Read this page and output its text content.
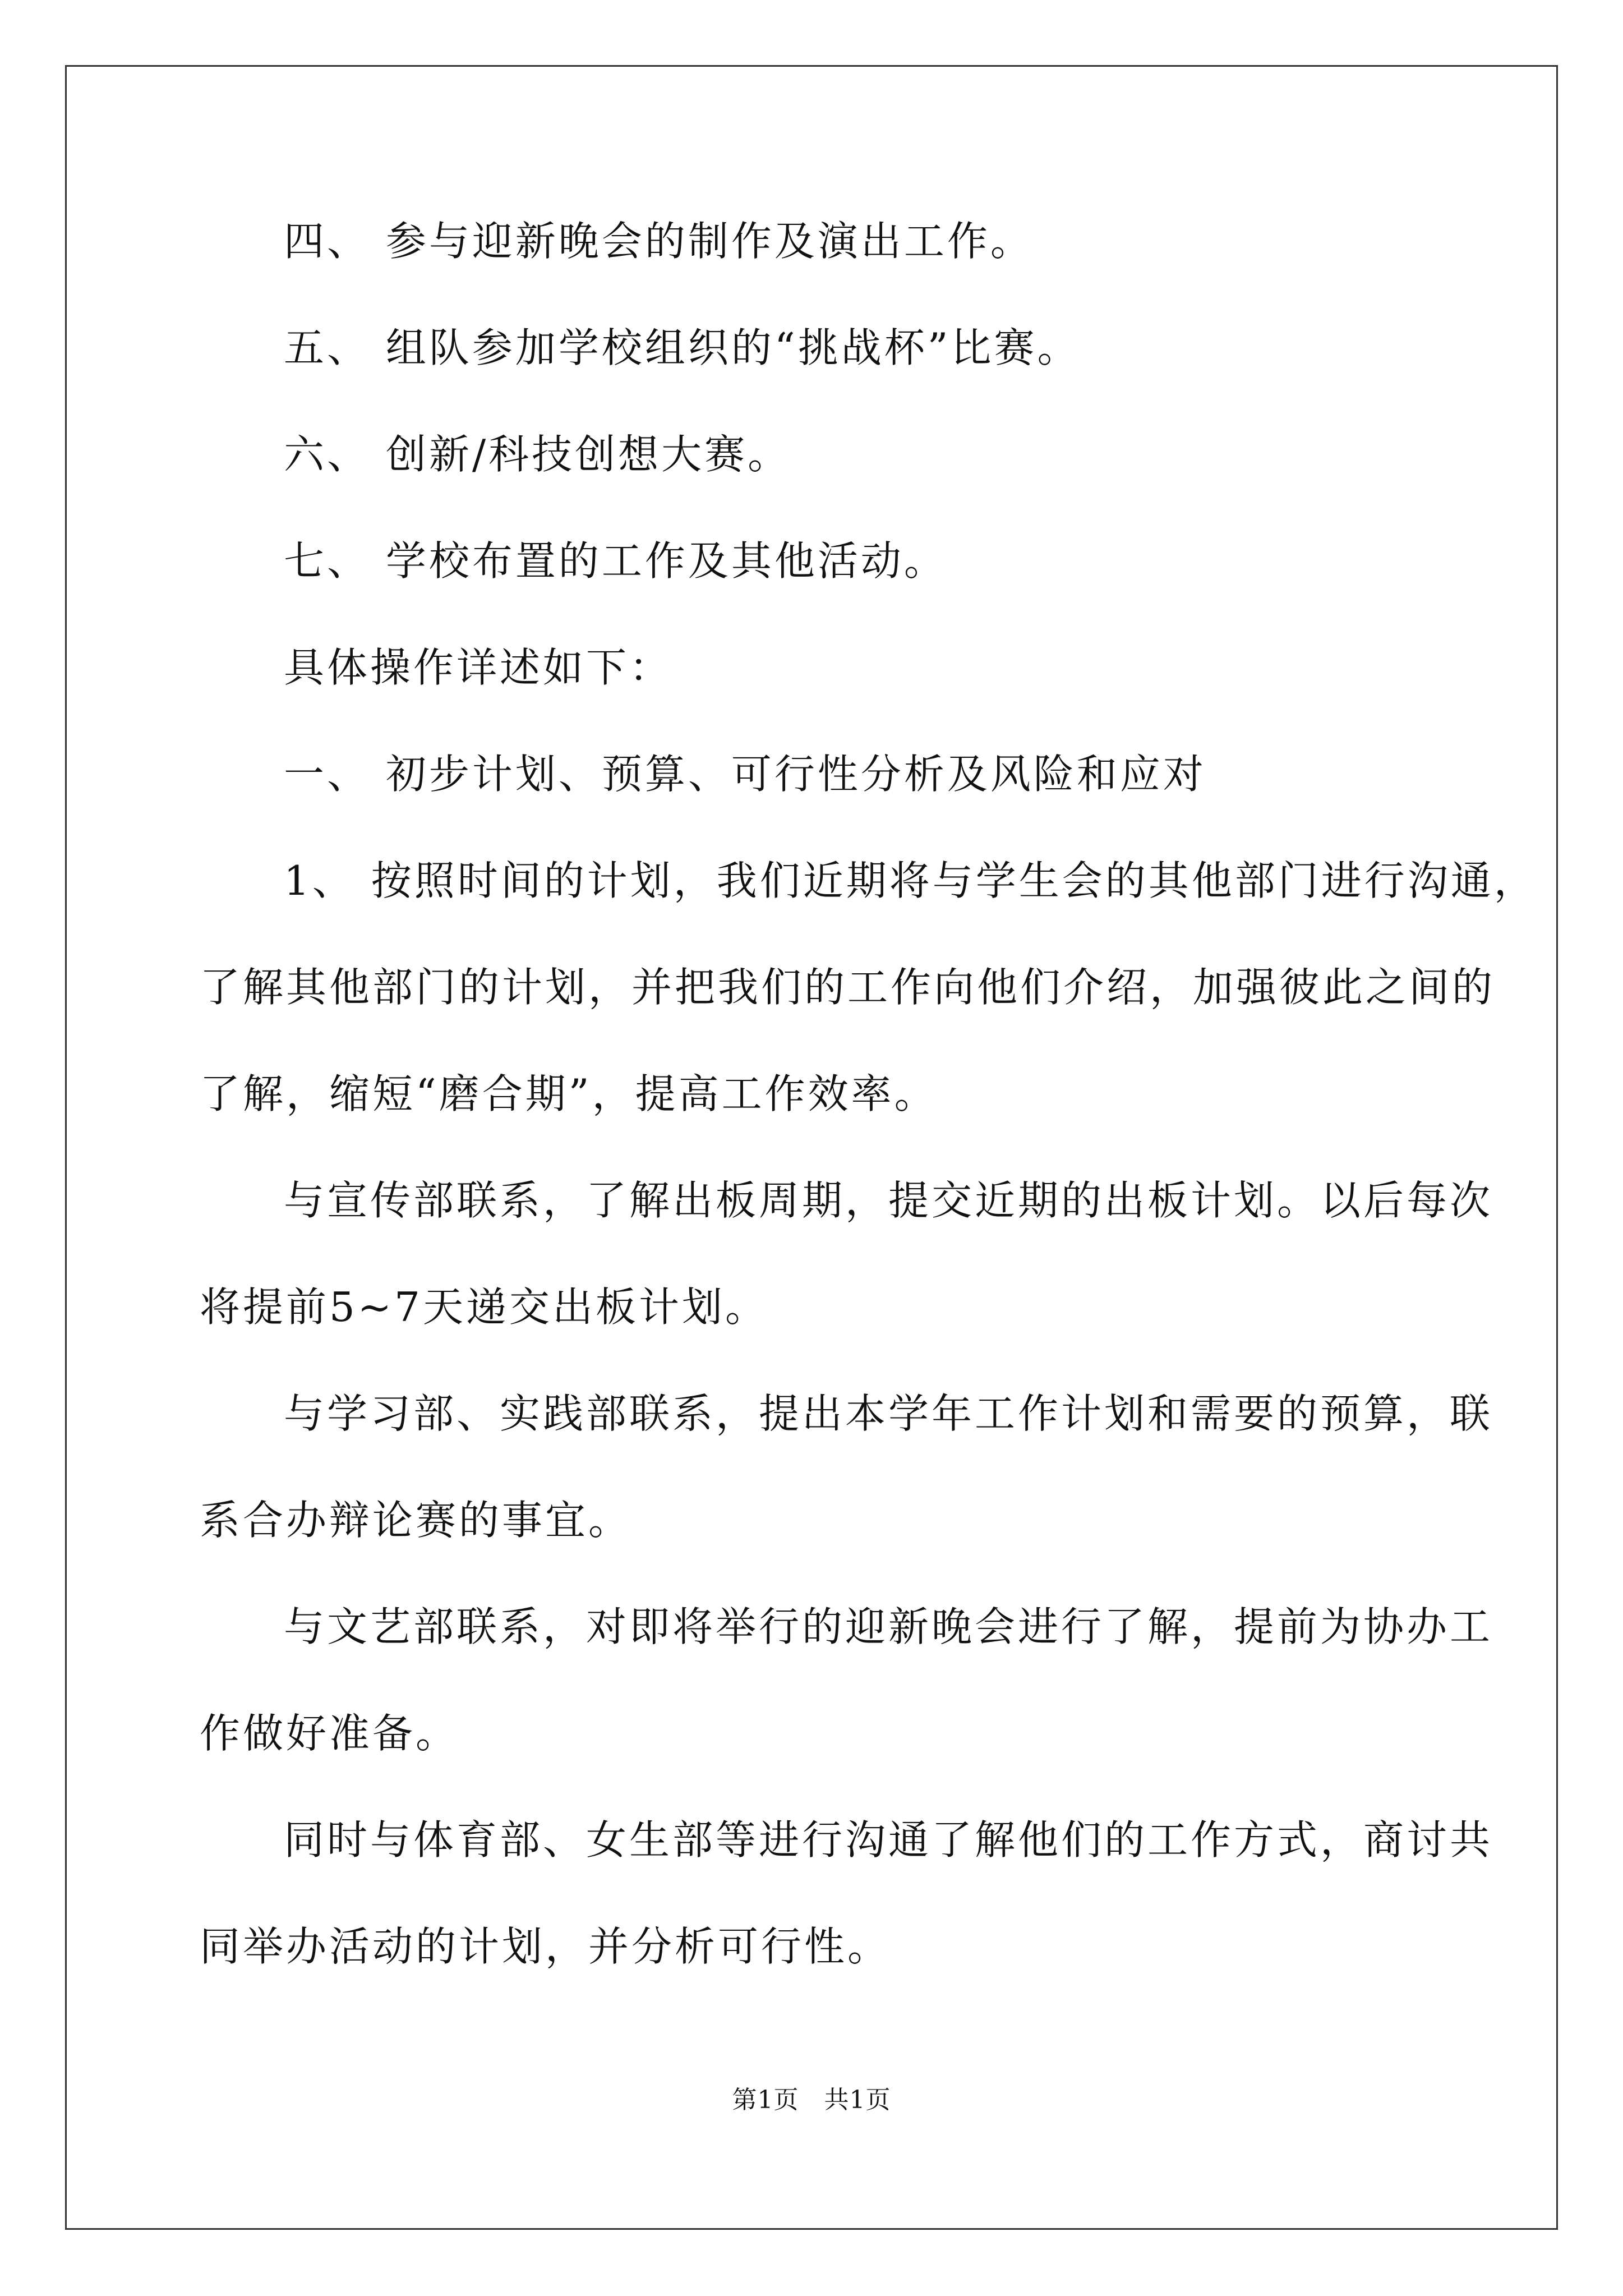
四、 参与迎新晚会的制作及演出工作。

五、 组队参加学校组织的“挑战杯”比赛。

六、 创新/科技创想大赛。

七、 学校布置的工作及其他活动。

具体操作详述如下：

一、 初步计划、预算、可行性分析及风险和应对

1、 按照时间的计划，我们近期将与学生会的其他部门进行沟通，
了解其他部门的计划，并把我们的工作向他们介绍，加强彼此之间的
了解，缩短“磨合期”，提高工作效率。

与宣传部联系，了解出板周期，提交近期的出板计划。以后每次
将提前5~7天递交出板计划。

与学习部、实践部联系，提出本学年工作计划和需要的预算，联
系合办辩论赛的事宜。

与文艺部联系，对即将举行的迎新晚会进行了解，提前为协办工
作做好准备。

同时与体育部、女生部等进行沟通了解他们的工作方式，商讨共
同举办活动的计划，并分析可行性。

第1页　共1页
